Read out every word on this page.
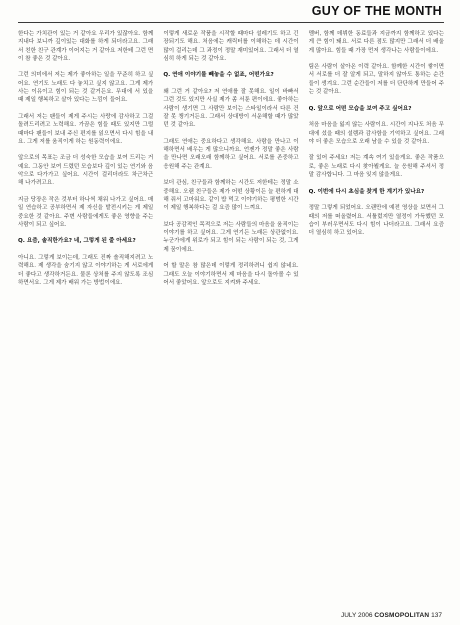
GUY OF THE MONTH

한다는 가치관이 있는 거 같아요 우리가 있잖아요. 함께 지내다 보니까 깊이있는 대화를 하게 되더라고요. 그래서 친한 친구 관계가 이어지는 거 같아요 저한테 그런 면이 참 좋은 것 같아요.

그런 의미에서 저는 제가 좋아하는 일을 꾸준히 하고 싶어요. 연기도 노래도 다 놓치고 싶지 않고요. 그게 제가 사는 이유이고 힘이 되는 것 같거든요. 무대에 서 있을 때 제일 행복하고 살아 있다는 느낌이 들어요.

그래서 저는 팬들이 제게 주시는 사랑에 감사하고 그걸 돌려드리려고 노력해요. 가끔은 힘들 때도 있지만 그럴 때마다 팬들이 보내 주신 편지를 읽으면서 다시 힘을 내요. 그게 저를 움직이게 하는 원동력이에요.

앞으로의 목표는 조금 더 성숙한 모습을 보여 드리는 거예요. 그동안 보여 드렸던 모습보다 깊이 있는 연기와 음악으로 다가가고 싶어요. 시간이 걸리더라도 차근차근 해 나가려고요.

지금 당장은 작은 것부터 하나씩 채워 나가고 싶어요. 매일 연습하고 공부하면서 제 자신을 발전시키는 게 제일 중요한 것 같아요. 주변 사람들에게도 좋은 영향을 주는 사람이 되고 싶어요.

Q. 요즘, 솔직한가요? 네, 그렇게 된 줄 아세요?

아니요. 그렇게 보이는데, 그래도 진짜 솔직해지려고 노력해요. 제 생각을 숨기지 않고 이야기하는 게 서로에게 더 좋다고 생각하거든요. 물론 상처를 주지 않도록 조심하면서요. 그게 제가 배워 가는 방법이에요.

이렇게 새로운 작품을 시작할 때마다 설레기도 하고 긴장되기도 해요. 처음에는 캐릭터를 이해하는 데 시간이 많이 걸리는데 그 과정이 정말 재미있어요. 그래서 더 열심히 하게 되는 것 같아요.

Q. 연애 이야기를 빼놓을 수 없죠, 어떤가요?

왜 그런 거 같아요? 저 연애를 잘 못해요. 일이 바빠서 그런 것도 있지만 사실 제가 좀 서툰 편이에요. 좋아하는 사람이 생기면 그 사람만 보이는 스타일이라서 다른 건 잘 못 챙기거든요. 그래서 상대방이 서운해할 때가 많았던 것 같아요.

그래도 연애는 중요하다고 생각해요. 사람을 만나고 이해하면서 배우는 게 많으니까요. 언젠가 정말 좋은 사람을 만나면 오래오래 함께하고 싶어요. 서로를 존중하고 응원해 주는 관계요.

보더 관심, 친구들과 함께하는 시간도 저한테는 정말 소중해요. 오랜 친구들은 제가 어떤 상황이든 늘 편하게 대해 줘서 고마워요. 같이 밥 먹고 이야기하는 평범한 시간이 제일 행복하다는 걸 요즘 많이 느껴요.

보다 공감적인 목적으로 저는 사람들의 마음을 움직이는 이야기를 하고 싶어요. 그게 연기든 노래든 상관없이요. 누군가에게 위로가 되고 힘이 되는 사람이 되는 것, 그게 제 꿈이에요.

어 할 말은 참 많은데 이렇게 정리하려니 쉽지 않네요. 그래도 오늘 이야기하면서 제 마음을 다시 돌아볼 수 있어서 좋았어요. 앞으로도 지켜봐 주세요.

멤버, 함께 데뷔한 동료들과 지금까지 함께하고 있다는 게 큰 힘이 돼요. 서로 다른 점도 많지만 그래서 더 배울 게 많아요. 힘들 때 가장 먼저 생각나는 사람들이에요.

팀은 사람이 살아온 이력 같아요. 함께한 시간이 쌓이면서 서로를 더 잘 알게 되고, 말하지 않아도 통하는 순간들이 생겨요. 그런 순간들이 저를 더 단단하게 만들어 주는 것 같아요.

Q. 앞으로 어떤 모습을 보여 주고 싶어요?

처음 마음을 잃지 않는 사람이요. 시간이 지나도 처음 무대에 섰을 때의 설렘과 감사함을 기억하고 싶어요. 그래야 더 좋은 모습으로 오래 남을 수 있을 것 같아요.

잘 있어 주세요! 저는 계속 여기 있을게요. 좋은 작품으로, 좋은 노래로 다시 찾아뵐게요. 늘 응원해 주셔서 정말 감사합니다. 그 마음 잊지 않을게요.

Q. 이번에 다시 초심을 찾게 한 계기가 있나요?

정말 그렇게 되었어요. 오랜만에 예전 영상을 보면서 그때의 저를 떠올렸어요. 서툴렀지만 열정이 가득했던 모습이 부러우면서도 다시 힘이 나더라고요. 그래서 요즘 더 열심히 하고 있어요.

JULY 2006 COSMOPOLITAN 137
